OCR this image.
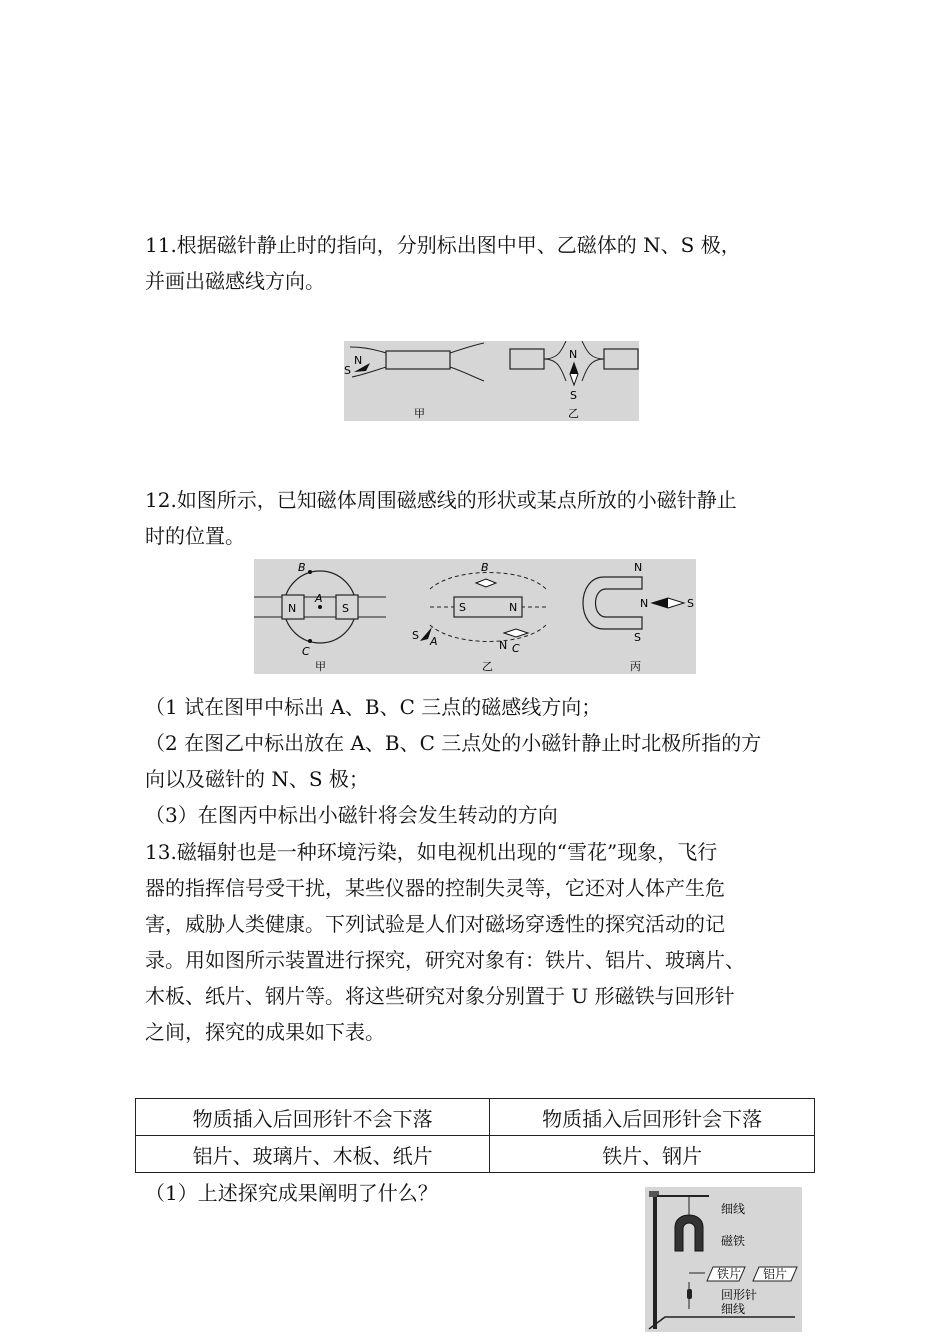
11.根据磁针静止时的指向，分别标出图中甲、乙磁体的 N、S 极，
并画出磁感线方向。
N
S
甲
N
S
乙
12.如图所示，已知磁体周围磁感线的形状或某点所放的小磁针静止
时的位置。
N	S
A
B
C
甲
S	N
B
S A	N C
乙
N
S
N	S
丙
（1 试在图甲中标出 A、B、C 三点的磁感线方向；
（2 在图乙中标出放在 A、B、C 三点处的小磁针静止时北极所指的方
向以及磁针的 N、S 极；
（3）在图丙中标出小磁针将会发生转动的方向
13.磁辐射也是一种环境污染，如电视机出现的“雪花”现象，飞行
器的指挥信号受干扰，某些仪器的控制失灵等，它还对人体产生危
害，威胁人类健康。下列试验是人们对磁场穿透性的探究活动的记
录。用如图所示装置进行探究，研究对象有：铁片、铝片、玻璃片、
木板、纸片、钢片等。将这些研究对象分别置于 U 形磁铁与回形针
之间，探究的成果如下表。
物质插入后回形针不会下落	物质插入后回形针会下落
铝片、玻璃片、木板、纸片	铁片、钢片
（1）上述探究成果阐明了什么？
细线
磁铁
铁片 铝片
回形针
细线
